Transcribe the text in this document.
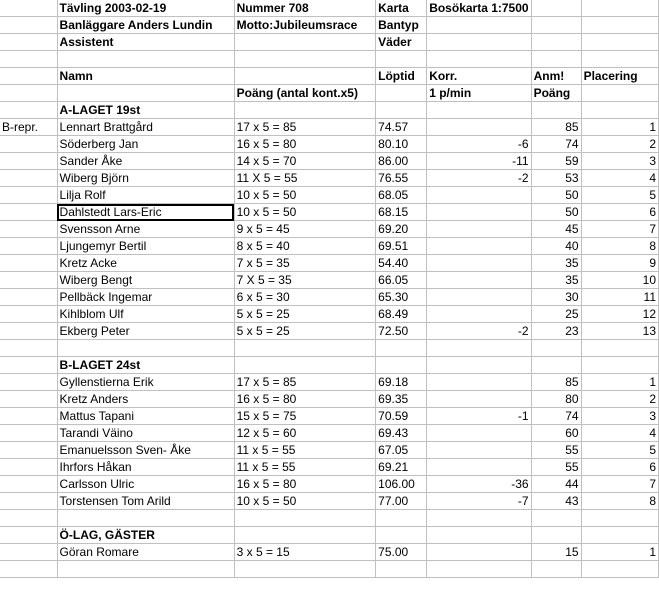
	Tävling 2003-02-19	Nummer 708	Karta	Bosökarta 1:7500		
	Banläggare Anders Lundin	Motto:Jubileumsrace	Bantyp			
	Assistent		Väder			

	Namn		Löptid	Korr.	Anm!	Placering
		Poäng (antal kont.x5)		1 p/min	Poäng	
	A-LAGET 19st					
B-repr.	Lennart Brattgård	17 x 5 = 85	74.57		85	1
	Söderberg Jan	16 x 5 = 80	80.10	-6	74	2
	Sander Åke	14 x 5 = 70	86.00	-11	59	3
	Wiberg Björn	11 X 5 = 55	76.55	-2	53	4
	Lilja Rolf	10 x 5 = 50	68.05		50	5
	Dahlstedt Lars-Eric	10 x 5 = 50	68.15		50	6
	Svensson Arne	9 x 5 = 45	69.20		45	7
	Ljungemyr Bertil	8 x 5 = 40	69.51		40	8
	Kretz Acke	7 x 5 = 35	54.40		35	9
	Wiberg Bengt	7 X 5 = 35	66.05		35	10
	Pellbäck Ingemar	6 x 5 = 30	65.30		30	11
	Kihlblom Ulf	5 x 5 = 25	68.49		25	12
	Ekberg Peter	5 x 5 = 25	72.50	-2	23	13

	B-LAGET 24st					
	Gyllenstierna Erik	17 x 5 = 85	69.18		85	1
	Kretz Anders	16 x 5 = 80	69.35		80	2
	Mattus Tapani	15 x 5 = 75	70.59	-1	74	3
	Tarandi Väino	12 x 5 = 60	69.43		60	4
	Emanuelsson Sven- Åke	11 x 5 = 55	67.05		55	5
	Ihrfors Håkan	11 x 5 = 55	69.21		55	6
	Carlsson Ulric	16 x 5 = 80	106.00	-36	44	7
	Torstensen Tom Arild	10 x 5 = 50	77.00	-7	43	8

	Ö-LAG, GÄSTER					
	Göran Romare	3 x 5 = 15	75.00		15	1
